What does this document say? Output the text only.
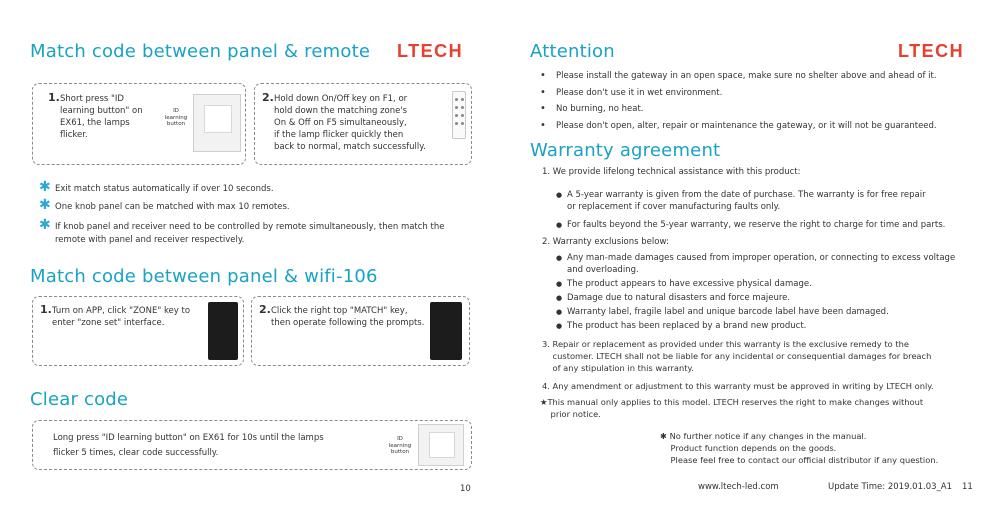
Match code between panel & remote LTECH
1. Short press "ID
learning button" on
EX61, the lamps
flicker.
ID
learning
button
2. Hold down On/Off key on F1, or
hold down the matching zone's
On & Off on F5 simultaneously,
if the lamp flicker quickly then
back to normal, match successfully.
✱ Exit match status automatically if over 10 seconds.
✱ One knob panel can be matched with max 10 remotes.
✱ If knob panel and receiver need to be controlled by remote simultaneously, then match the remote with panel and receiver respectively.
Match code between panel & wifi-106
1. Turn on APP, click "ZONE" key to
enter "zone set" interface.
2. Click the right top "MATCH" key,
then operate following the prompts.
Clear code
Long press "ID learning button" on EX61 for 10s until the lamps
flicker 5 times, clear code successfully.
ID
learning
button
10
Attention	LTECH
• Please install the gateway in an open space, make sure no shelter above and ahead of it.
• Please don't use it in wet environment.
• No burning, no heat.
• Please don't open, alter, repair or maintenance the gateway, or it will not be guaranteed.
Warranty agreement
1. We provide lifelong technical assistance with this product:
● A 5-year warranty is given from the date of purchase. The warranty is for free repair
or replacement if cover manufacturing faults only.
● For faults beyond the 5-year warranty, we reserve the right to charge for time and parts.
2. Warranty exclusions below:
● Any man-made damages caused from improper operation, or connecting to excess voltage
and overloading.
● The product appears to have excessive physical damage.
● Damage due to natural disasters and force majeure.
● Warranty label, fragile label and unique barcode label have been damaged.
● The product has been replaced by a brand new product.
3. Repair or replacement as provided under this warranty is the exclusive remedy to the
customer. LTECH shall not be liable for any incidental or consequential damages for breach
of any stipulation in this warranty.
4. Any amendment or adjustment to this warranty must be approved in writing by LTECH only.
★This manual only applies to this model. LTECH reserves the right to make changes without
prior notice.
✱ No further notice if any changes in the manual.
Product function depends on the goods.
Please feel free to contact our official distributor if any question.
www.ltech-led.com	Update Time: 2019.01.03_A1 11
